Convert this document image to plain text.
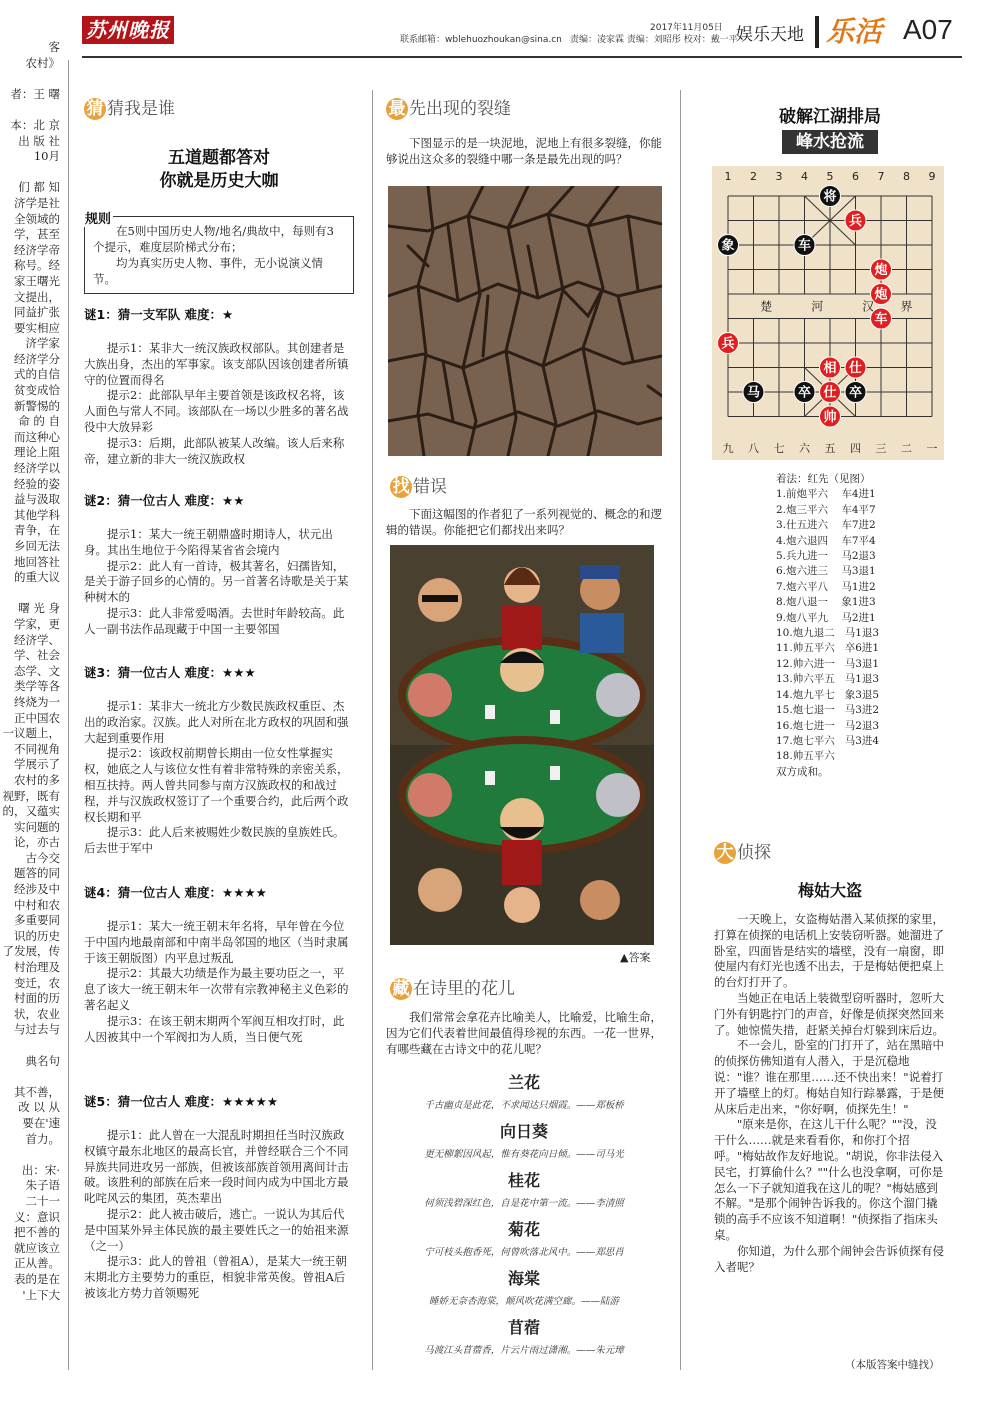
苏州晚报	联系邮箱：wblehuozhoukan@sina.cn 责编：凌家霖 责编：刘昭彤 校对：戴一平
2017年11月05日 娱乐天地 乐活 A07
客
农村》

者：王 曙

本：北 京
出 版 社
10月

们 都 知
济学是社
全领域的
学，甚至
经济学帝
称号。经
家王曙光
文提出，
同益扩张
要实相应
济学家
经济学分
式的自信
贫变成恰
新警惕的
命 的 自
而这种心
理论上阻
经济学以
经验的姿
益与汲取
其他学科
青争，在
乡回无法
地回答社
的重大议

曙 光 身
学家，更
经济学、
学、社会
态学、文
类学等各
终烧为一
正中国农
一议题上，
不同视角
学展示了
农村的多
视野，既有
的，又蕴实
实问题的
论，亦古
古今交
题答的同
经涉及中
中村和农
多重要同
识的历史
了发展，传
村治理及
变迁，农
村面的历
状，农业
与过去与

典名句

其不善，
改 以 从
要在'速
首力。

出：宋·
朱子语
二十一
义：意识
把不善的
就应该立
正从善。
表的是在
'上下大
猜 猜我是谁
五道题都答对
你就是历史大咖

在5则中国历史人物/地名/典故中，每则有3个提示，难度层阶梯式分布；

均为真实历史人物、事件，无小说演义情节。

规则
谜1：猜一支军队 难度：★

提示1：某非大一统汉族政权部队。其创建者是大族出身，杰出的军事家。该支部队因该创建者所镇守的位置而得名

提示2：此部队早年主要首领是该政权名将，该人面色与常人不同。该部队在一场以少胜多的著名战役中大放异彩

提示3：后期，此部队被某人改编。该人后来称帝，建立新的非大一统汉族政权

谜2：猜一位古人 难度：★★

提示1：某大一统王朝鼎盛时期诗人，状元出身。其出生地位于今陷得某省省会境内

提示2：此人有一首诗，极其著名，妇孺皆知，是关于游子回乡的心情的。另一首著名诗歌是关于某种树木的

提示3：此人非常爱喝酒。去世时年龄较高。此人一副书法作品现藏于中国一主要邻国

谜3：猜一位古人 难度：★★★

提示1：某非大一统北方少数民族政权重臣、杰出的政治家。汉族。此人对所在北方政权的巩固和强大起到重要作用

提示2：该政权前期曾长期由一位女性掌握实权，她底之人与该位女性有着非常特殊的亲密关系，相互扶持。两人曾共同参与南方汉族政权的和战过程，并与汉族政权签订了一个重要合约，此后两个政权长期和平

提示3：此人后来被赐姓少数民族的皇族姓氏。后去世于军中

谜4：猜一位古人 难度：★★★★

提示1：某大一统王朝末年名将，早年曾在今位于中国内地最南部和中南半岛邻国的地区（当时隶属于该王朝版图）内平息过叛乱

提示2：其最大功绩是作为最主要功臣之一，平息了该大一统王朝末年一次带有宗教神秘主义色彩的著名起义

提示3：在该王朝末期两个军阀互相攻打时，此人因被其中一个军阀扣为人质，当日便气死

谜5：猜一位古人 难度：★★★★★

提示1：此人曾在一大混乱时期担任当时汉族政权镇守最东北地区的最高长官，并曾经联合三个不同异族共同进攻另一部族，但被该部族首领用离间计击破。该胜利的部族在后来一段时间内成为中国北方最叱咤风云的集团，英杰辈出

提示2：此人被击破后，逃亡。一说认为其后代是中国某外异主体民族的最主要姓氏之一的始祖来源（之一）

提示3：此人的曾祖（曾祖A），是某大一统王朝末期北方主要势力的重臣，相貌非常英俊。曾祖A后被该北方势力首领赐死

最 先出现的裂缝

下图显示的是一块泥地，泥地上有很多裂缝，你能够说出这众多的裂缝中哪一条是最先出现的吗？

找 错误

下面这幅图的作者犯了一系列视觉的、概念的和逻辑的错误。你能把它们都找出来吗？

▲答案
藏 在诗里的花儿

我们常常会拿花卉比喻美人，比喻爱，比喻生命，因为它们代表着世间最值得珍视的东西。一花一世界，有哪些藏在古诗文中的花儿呢？

兰花
千古幽贞是此花，不求闻达只烟霞。——郑板桥
向日葵
更无柳絮因风起，惟有葵花向日倾。——司马光
桂花
何须浅碧深红色，自是花中第一流。——李清照
菊花
宁可枝头抱香死，何曾吹落北风中。——郑思肖
海棠
睡娇无奈杏海棠，颠风吹花满空廊。——陆游
苜蓿
马渡江头苜蓿香，片云片雨过潇湘。——朱元璋
破解江湖排局
峰水抢流
1 2 3 4 5 6 7 8 9
九 八 七 六 五 四 三 二 一
楚	河	汉 界
将
兵
象	车
炮
炮
车
兵
相 仕
马	卒 仕 卒
帅
着法：红先（见图）
1.前炮平六    车4进1
2.炮三平六    车4平7
3.仕五进六    车7进2
4.炮六退四    车7平4
5.兵九进一    马2退3
6.炮六进三    马3退1
7.炮六平八    马1进2
8.炮八退一    象1进3
9.炮八平九    马2进1
10.炮九退二   马1退3
11.帅五平六   卒6进1
12.帅六进一   马3退1
13.帅六平五   马1退3
14.炮九平七   象3退5
15.炮七退一   马3进2
16.炮七进一   马2退3
17.炮七平六   马3进4
18.帅五平六
双方成和。
大 侦探
梅姑大盗

一天晚上，女盗梅姑潜入某侦探的家里，打算在侦探的电话机上安装窃听器。她溜进了卧室，四面皆是结实的墙壁，没有一扇窗，即使屋内有灯光也透不出去，于是梅姑便把桌上的台灯打开了。

当她正在电话上装微型窃听器时，忽听大门外有钥匙拧门的声音，好像是侦探突然回来了。她惊慌失措，赶紧关掉台灯躲到床后边。

不一会儿，卧室的门打开了，站在黑暗中的侦探仿佛知道有人潜入，于是沉稳地说："谁？谁在那里……还不快出来！"说着打开了墙壁上的灯。梅姑自知行踪暴露，于是便从床后走出来，"你好啊，侦探先生！"

"原来是你，在这儿干什么呢？""没，没干什么……就是来看看你，和你打个招呼。"梅姑故作友好地说。"胡说，你非法侵入民宅，打算偷什么？""什么也没拿啊，可你是怎么一下子就知道我在这儿的呢？"梅姑感到不解。"是那个闹钟告诉我的。你这个溜门撬锁的高手不应该不知道啊！"侦探指了指床头桌。

你知道，为什么那个闹钟会告诉侦探有侵入者呢？

（本版答案中缝找）
